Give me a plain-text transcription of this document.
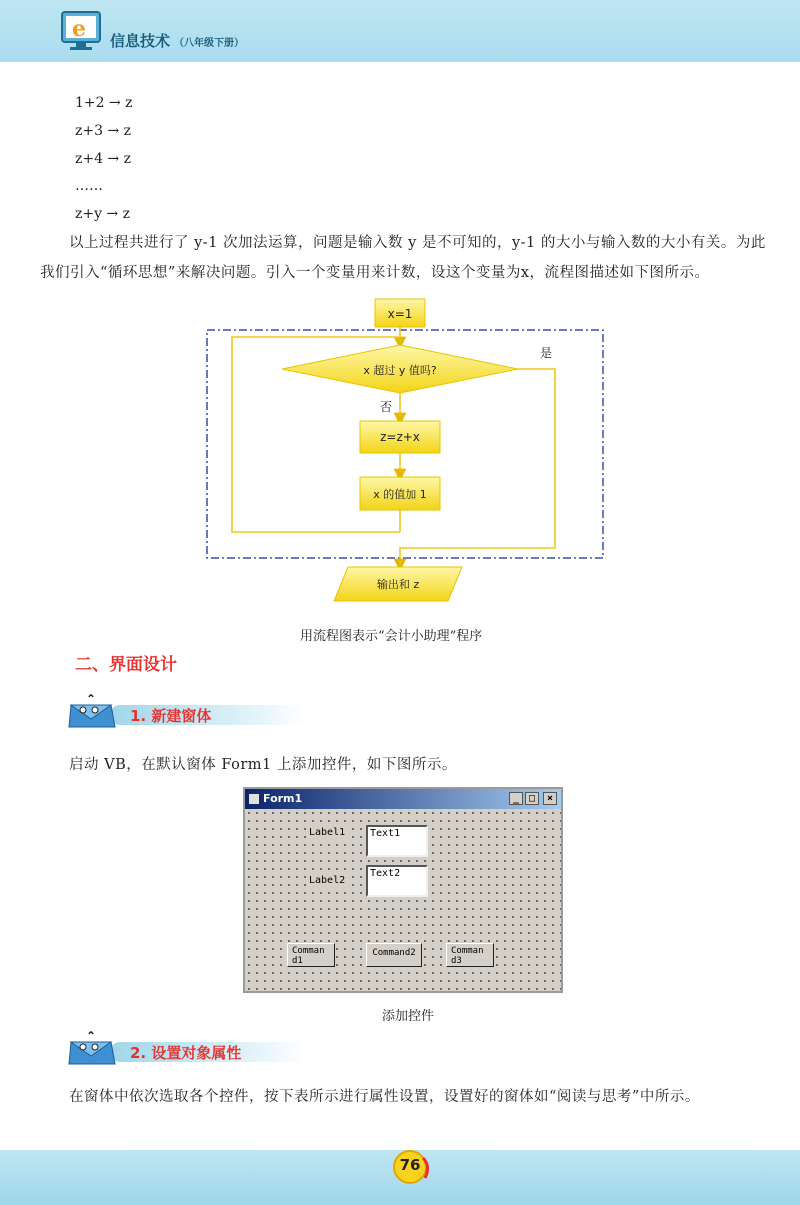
e 信息技术 （八年级下册）
1+2 → z
z+3 → z
z+4 → z
……
z+y → z
以上过程共进行了 y-1 次加法运算，问题是输入数 y 是不可知的，y-1 的大小与输入数的大小有关。为此我们引入“循环思想”来解决问题。引入一个变量用来计数，设这个变量为x，流程图描述如下图所示。
x=1
x 超过 y 值吗?
是
否
z=z+x
x 的值加 1
输出和 z
用流程图表示“会计小助理”程序
二、界面设计
1. 新建窗体
启动 VB，在默认窗体 Form1 上添加控件，如下图所示。
Form1	_ □	×
Label1	Text1
Label2
Text2
Comman d1
Command2	Comman d3
添加控件
2. 设置对象属性
在窗体中依次选取各个控件，按下表所示进行属性设置，设置好的窗体如“阅读与思考”中所示。
76
